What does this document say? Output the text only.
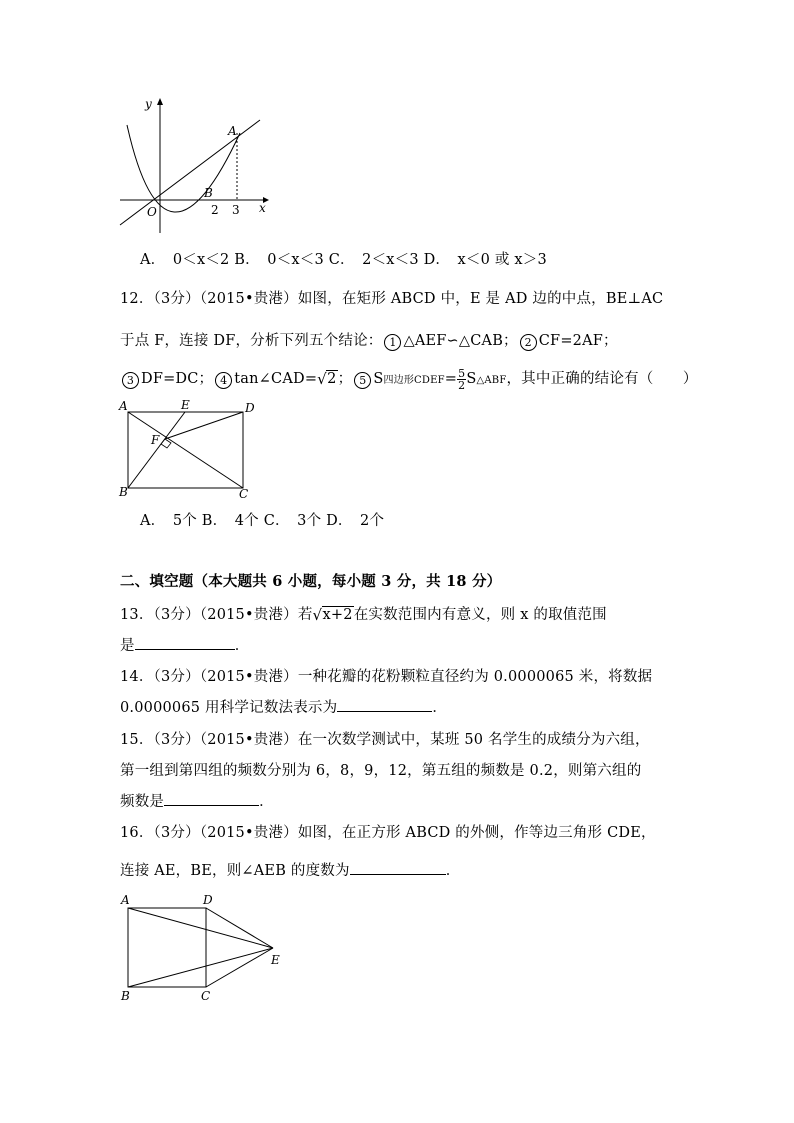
y
x
O
A
B
2 3
A．　0＜x＜2 B．　0＜x＜3 C．　2＜x＜3 D．　x＜0 或 x＞3
12．（3分）（2015•贵港）如图，在矩形 ABCD 中，E 是 AD 边的中点，BE⊥AC
于点 F，连接 DF，分析下列五个结论： 1 △AEF∽△CAB； 2 CF=2AF；
3 DF=DC； 4 tan∠CAD= √ 2； 5 S四边形CDEF= $\frac{5}{2}$ S△ABF，其中正确的结论有（　　）
A	E	D
F
B	C
A．　5个 B．　4个 C．　3个 D．　2个
二、填空题（本大题共 6 小题，每小题 3 分，共 18 分）
13．（3分）（2015•贵港）若 √ x+2在实数范围内有意义，则 x 的取值范围
是	．
14．（3分）（2015•贵港）一种花瓣的花粉颗粒直径约为 0.0000065 米，将数据
0.0000065 用科学记数法表示为	．
15．（3分）（2015•贵港）在一次数学测试中，某班 50 名学生的成绩分为六组，
第一组到第四组的频数分别为 6，8，9，12，第五组的频数是 0.2，则第六组的
频数是	．
16．（3分）（2015•贵港）如图，在正方形 ABCD 的外侧，作等边三角形 CDE，
连接 AE，BE，则∠AEB 的度数为	．
A	D
E
B	C
